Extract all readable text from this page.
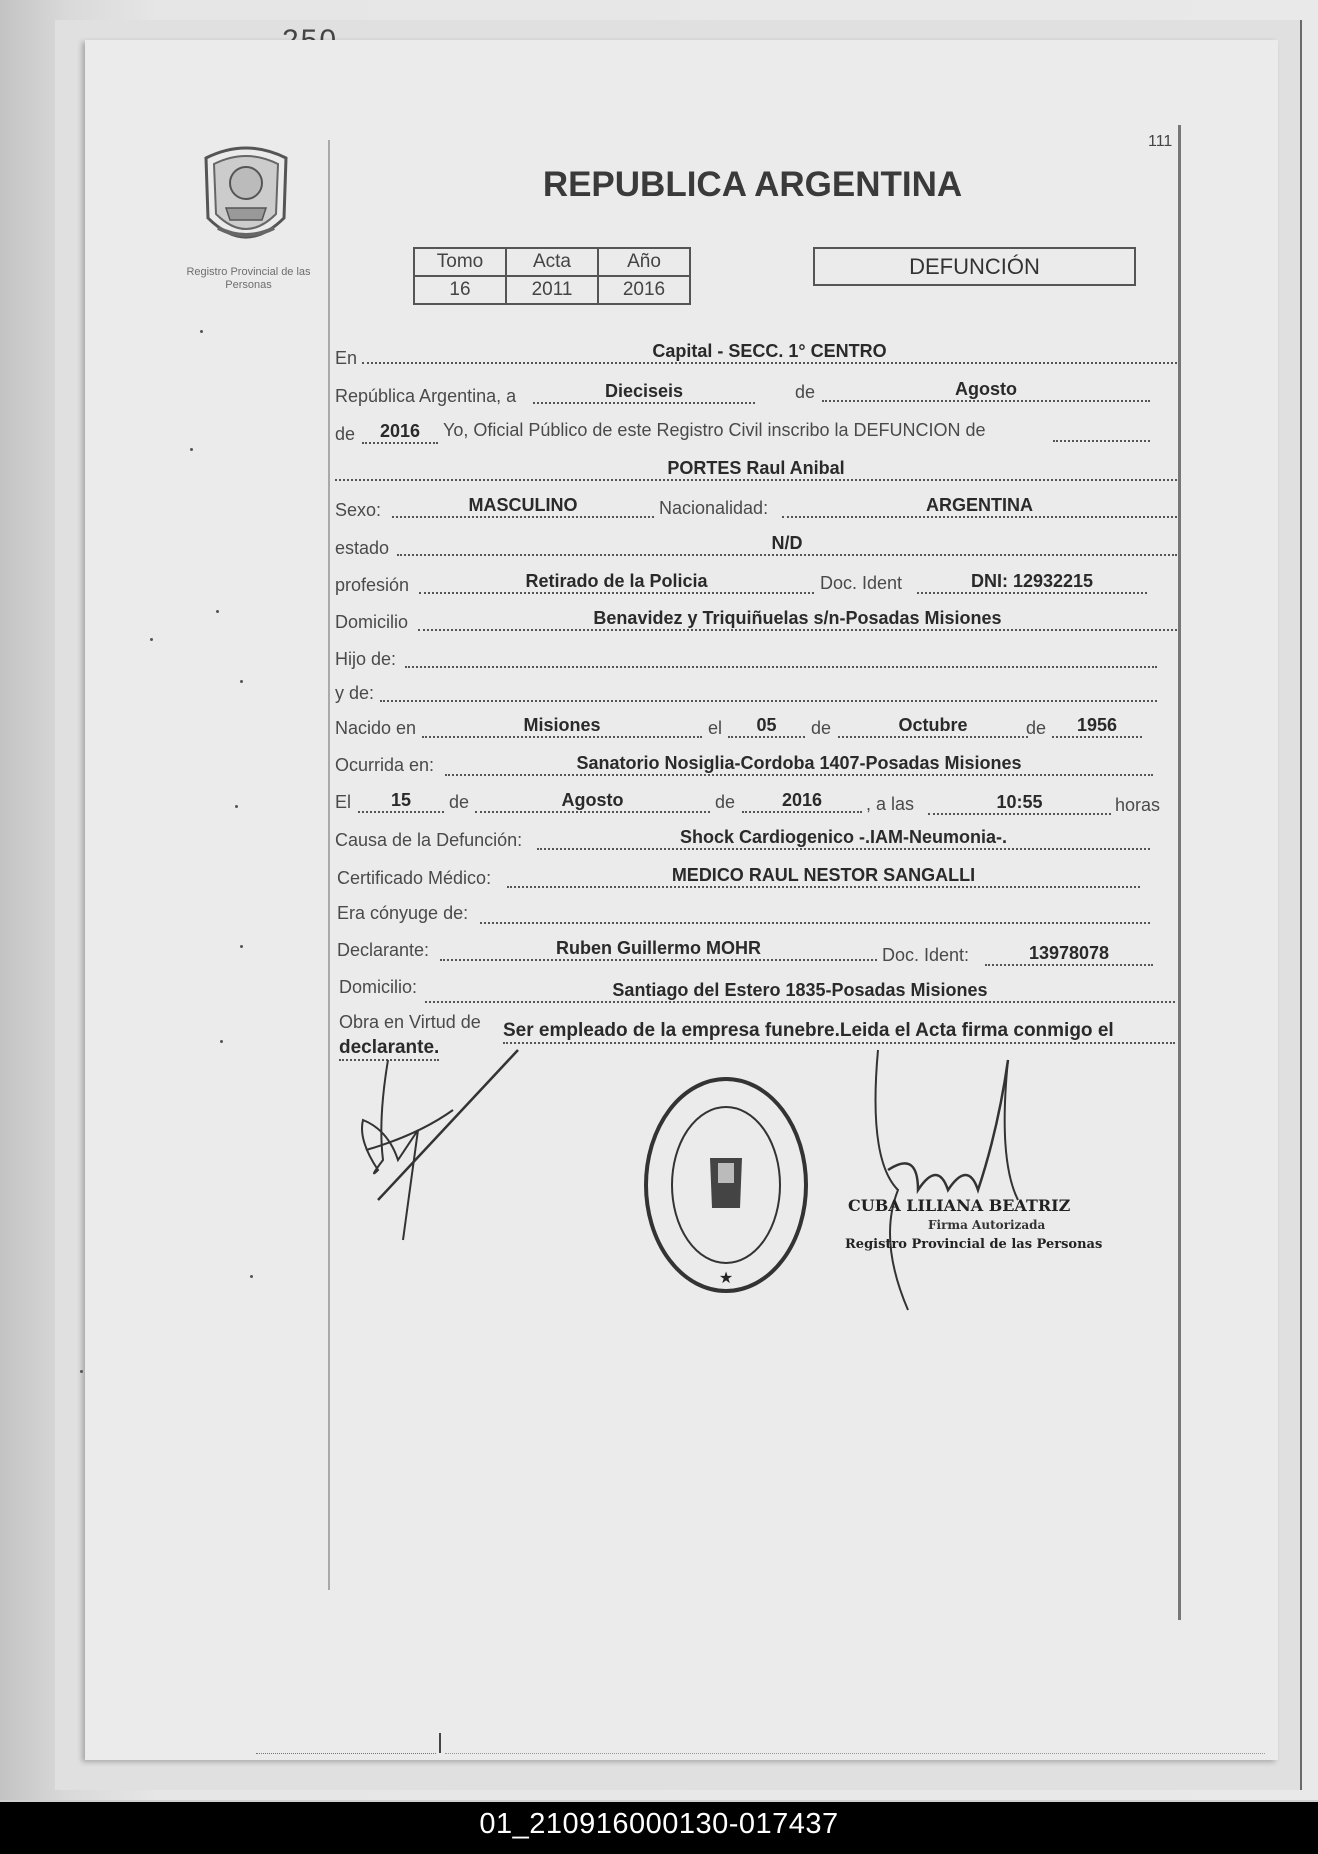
111
Registro Provincial de las Personas
REPUBLICA ARGENTINA
Tomo	Acta	Año
16	2011	2016
DEFUNCIÓN
En	Capital - SECC. 1° CENTRO
República Argentina, a	Dieciseis	de	Agosto
de	2016	Yo, Oficial Público de este Registro Civil inscribo la DEFUNCION de
PORTES Raul Anibal
Sexo:	MASCULINO	Nacionalidad:	ARGENTINA
estado	N/D
profesión	Retirado de la Policia	Doc. Ident	DNI: 12932215
Domicilio	Benavidez y Triquiñuelas s/n-Posadas Misiones
Hijo de:
y de:
Nacido en	Misiones	el	05	de	Octubre	de	1956
Ocurrida en:	Sanatorio Nosiglia-Cordoba 1407-Posadas Misiones
El	15	de	Agosto	de	2016	, a las	10:55	horas
Causa de la Defunción:	Shock Cardiogenico -.IAM-Neumonia-.
Certificado Médico:	MEDICO RAUL NESTOR SANGALLI
Era cónyuge de:
Declarante:	Ruben Guillermo MOHR	Doc. Ident:	13978078
Domicilio:	Santiago del Estero 1835-Posadas Misiones
Obra en Virtud de Ser empleado de la empresa funebre.Leida el Acta firma conmigo el
declarante.
★
CUBA LILIANA BEATRIZ
Firma Autorizada
Registro Provincial de las Personas
01_210916000130-017437
